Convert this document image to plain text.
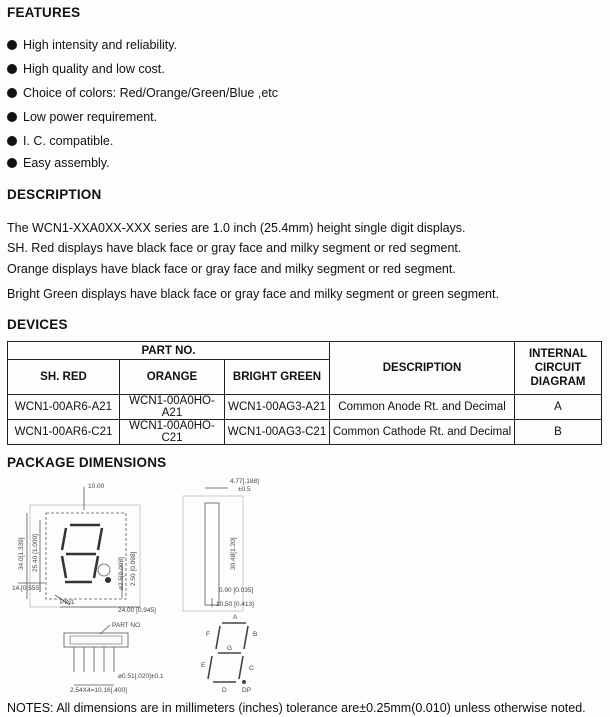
FEATURES
High intensity and reliability.
High quality and low cost.
Choice of colors: Red/Orange/Green/Blue ,etc
Low power requirement.
I. C. compatible.
Easy assembly.
DESCRIPTION
The WCN1-XXA0XX-XXX series are 1.0 inch (25.4mm) height single digit displays.
SH. Red displays have black face or gray face and milky segment or red segment.
Orange displays have black face or gray face and milky segment or red segment.
Bright Green displays have black face or gray face and milky segment or green segment.
DEVICES
PART NO.			DESCRIPTION	INTERNAL
CIRCUIT
DIAGRAM

SH. RED	ORANGE	BRIGHT GREEN		
WCN1-00AR6-A21	WCN1-00A0HO-A21	WCN1-00AG3-A21	Common Anode Rt. and Decimal	A
WCN1-00AR6-C21	WCN1-00A0HO-C21	WCN1-00AG3-C21	Common Cathode Rt. and Decimal	B
PACKAGE DIMENSIONS
10.00
34.0[1.339] 25.40 [1.000]	2.50 [0.098]
ø2.5[0.098]
14.[0.555]
PIN1
24.00 [0.945]
4.77[.188]
±0.5
30.48[1.20]
0.90 [0.035]
10.50 [0.413]
PART NO
ø0.51[.020]±0.1
2.54X4=10.16[.400]
A
B
C
D
E
F
G
DP
NOTES: All dimensions are in millimeters (inches) tolerance are±0.25mm(0.010) unless otherwise noted.
